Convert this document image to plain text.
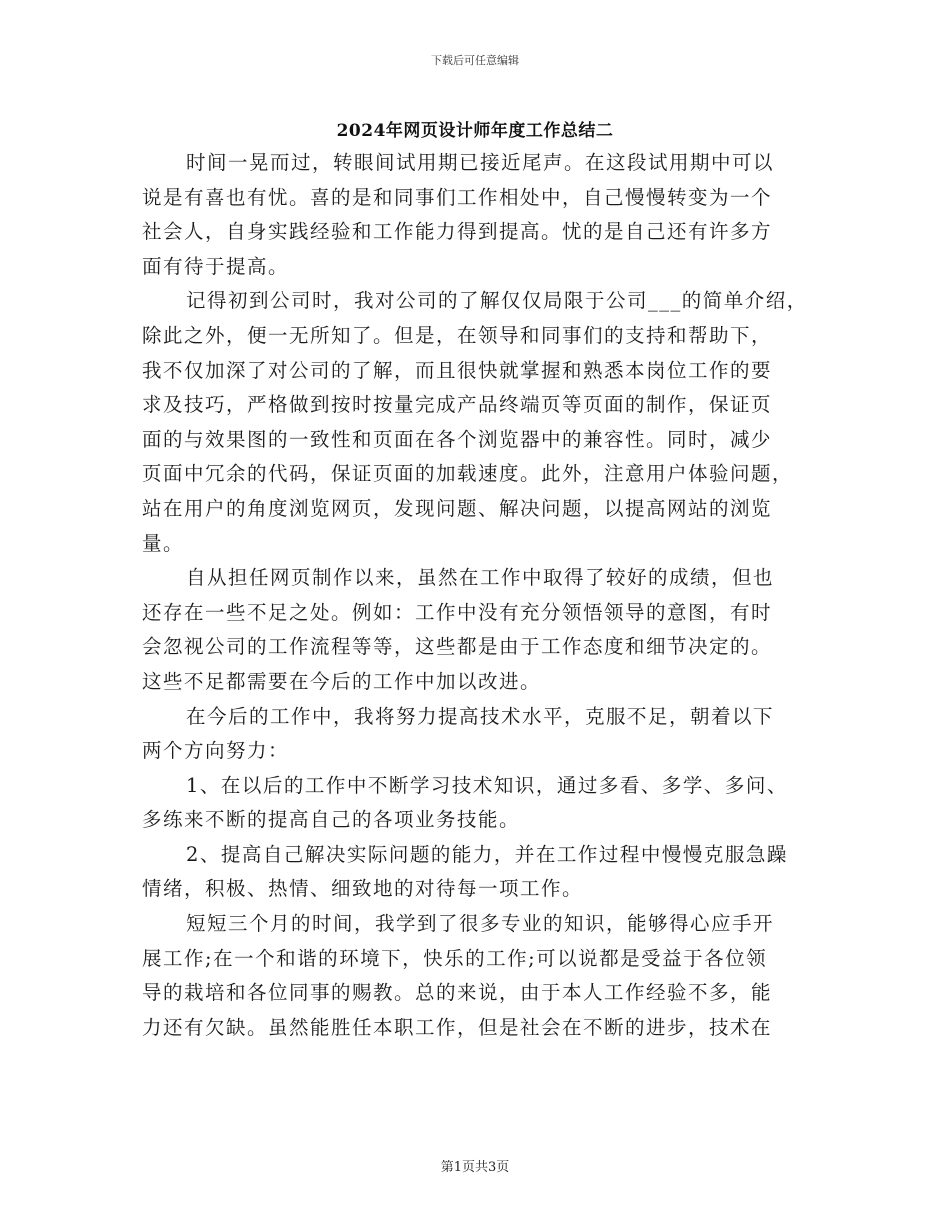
下载后可任意编辑
2024年网页设计师年度工作总结二
时间一晃而过，转眼间试用期已接近尾声。在这段试用期中可以
说是有喜也有忧。喜的是和同事们工作相处中，自己慢慢转变为一个
社会人，自身实践经验和工作能力得到提高。忧的是自己还有许多方
面有待于提高。
记得初到公司时，我对公司的了解仅仅局限于公司___的简单介绍，
除此之外，便一无所知了。但是，在领导和同事们的支持和帮助下，
我不仅加深了对公司的了解，而且很快就掌握和熟悉本岗位工作的要
求及技巧，严格做到按时按量完成产品终端页等页面的制作，保证页
面的与效果图的一致性和页面在各个浏览器中的兼容性。同时，减少
页面中冗余的代码，保证页面的加载速度。此外，注意用户体验问题，
站在用户的角度浏览网页，发现问题、解决问题，以提高网站的浏览
量。
自从担任网页制作以来，虽然在工作中取得了较好的成绩，但也
还存在一些不足之处。例如：工作中没有充分领悟领导的意图，有时
会忽视公司的工作流程等等，这些都是由于工作态度和细节决定的。
这些不足都需要在今后的工作中加以改进。
在今后的工作中，我将努力提高技术水平，克服不足，朝着以下
两个方向努力：
1、在以后的工作中不断学习技术知识，通过多看、多学、多问、
多练来不断的提高自己的各项业务技能。
2、提高自己解决实际问题的能力，并在工作过程中慢慢克服急躁
情绪，积极、热情、细致地的对待每一项工作。
短短三个月的时间，我学到了很多专业的知识，能够得心应手开
展工作;在一个和谐的环境下，快乐的工作;可以说都是受益于各位领
导的栽培和各位同事的赐教。总的来说，由于本人工作经验不多，能
力还有欠缺。虽然能胜任本职工作，但是社会在不断的进步，技术在
第1页共3页
